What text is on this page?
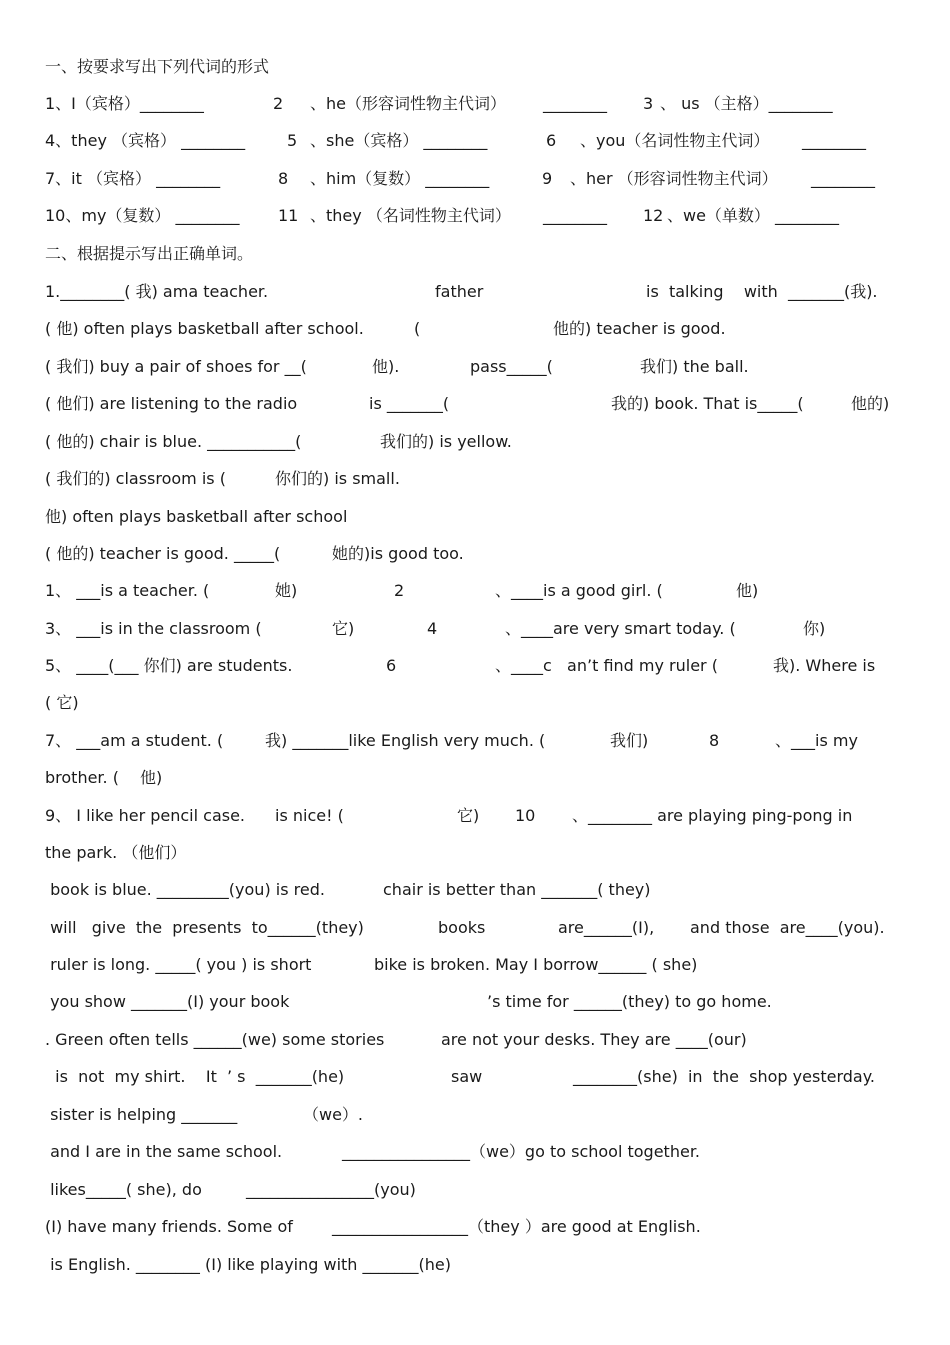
一、按要求写出下列代词的形式
1、I（宾格）________	2 、he（形容词性物主代词） ________ 3 、 us （主格）________
4、they （宾格） ________	5 、she（宾格） ________	6 、you（名词性物主代词） ________
7、it （宾格） ________	8 、him（复数） ________	9 、her （形容词性物主代词） ________
10、my（复数） ________ 11 、they （名词性物主代词） ________ 12 、we（单数） ________
二、根据提示写出正确单词。
1.________( 我) ama teacher.	father	is  talking    with  _______(我).
( 他) often plays basketball after school.	(	他的) teacher is good.
( 我们) buy a pair of shoes for __(	他).	pass_____(	我们) the ball.
( 他们) are listening to the radio	is _______(	我的) book. That is_____(	他的)
( 他的) chair is blue. ___________(	我们的) is yellow.
( 我们的) classroom is (	你们的) is small.
他) often plays basketball after school
( 他的) teacher is good. _____(	她的)is good too.
1、 ___is a teacher. (	她)	2	、____is a good girl. (	他)
3、 ___is in the classroom (	它)	4	、____are very smart today. (	你)
5、 ____(___ 你们) are students.	6	、____c   an’t find my ruler (	我). Where is
( 它)
7、 ___am a student. (	我) _______like English very much. (	我们)	8	、___is my
brother. ( 他)
9、 I like her pencil case. is nice! (	它) 10 、________ are playing ping-pong in
the park. （他们）
book is blue. _________(you) is red.	chair is better than _______( they)
will   give  the  presents  to______(they)	books	are______(I), and those  are____(you).
ruler is long. _____( you ) is short	bike is broken. May I borrow______ ( she)
you show _______(I) your book	’s time for ______(they) to go home.
. Green often tells ______(we) some stories	are not your desks. They are ____(our)
is  not  my shirt.    It  ’ s  _______(he)	saw	________(she)  in  the  shop yesterday.
sister is helping _______	（we）.
and I are in the same school.	________________（we）go to school together.
likes_____( she), do	________________(you)
(I) have many friends. Some of _________________（they ）are good at English.
is English. ________ (I) like playing with _______(he)
